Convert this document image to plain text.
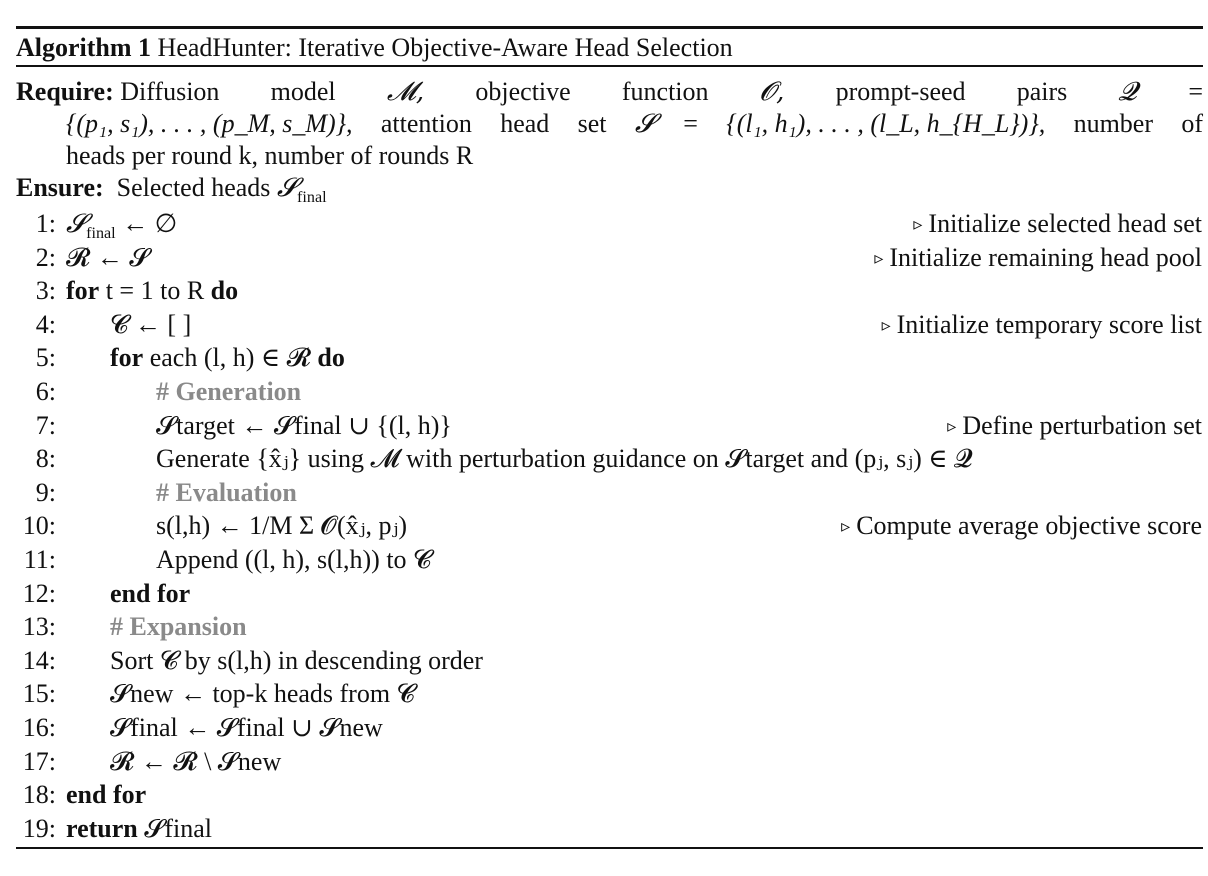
Algorithm 1 HeadHunter: Iterative Objective-Aware Head Selection
Require: Diffusion model 𝓜, objective function 𝓞, prompt-seed pairs 𝓠 =
{(p₁, s₁), . . . , (p_M, s_M)}, attention head set 𝓢 = {(l₁, h₁), . . . , (l_L, h_{H_L})}, number of
heads per round k, number of rounds R
Ensure: Selected heads 𝓢$_{final}$
1: 𝓢$_{final}$ ← ∅	▹ Initialize selected head set
2: 𝓡 ← 𝓢	▹ Initialize remaining head pool
3: for t = 1 to R do
4: 𝓒 ← [ ]	▹ Initialize temporary score list
5: for each (l, h) ∈ 𝓡 do
6:	# Generation
7:	𝓢target ← 𝓢final ∪ {(l, h)}	▹ Define perturbation set
8:	Generate {x̂ⱼ} using 𝓜 with perturbation guidance on 𝓢target and (pⱼ, sⱼ) ∈ 𝓠
9:	# Evaluation
10:	s(l,h) ← 1/M Σ 𝓞(x̂ⱼ, pⱼ)	▹ Compute average objective score
11:	Append ((l, h), s(l,h)) to 𝓒
12: end for
13: # Expansion
14: Sort 𝓒 by s(l,h) in descending order
15: 𝓢new ← top-k heads from 𝓒
16: 𝓢final ← 𝓢final ∪ 𝓢new
17: 𝓡 ← 𝓡 \ 𝓢new
18: end for
19: return 𝓢final
